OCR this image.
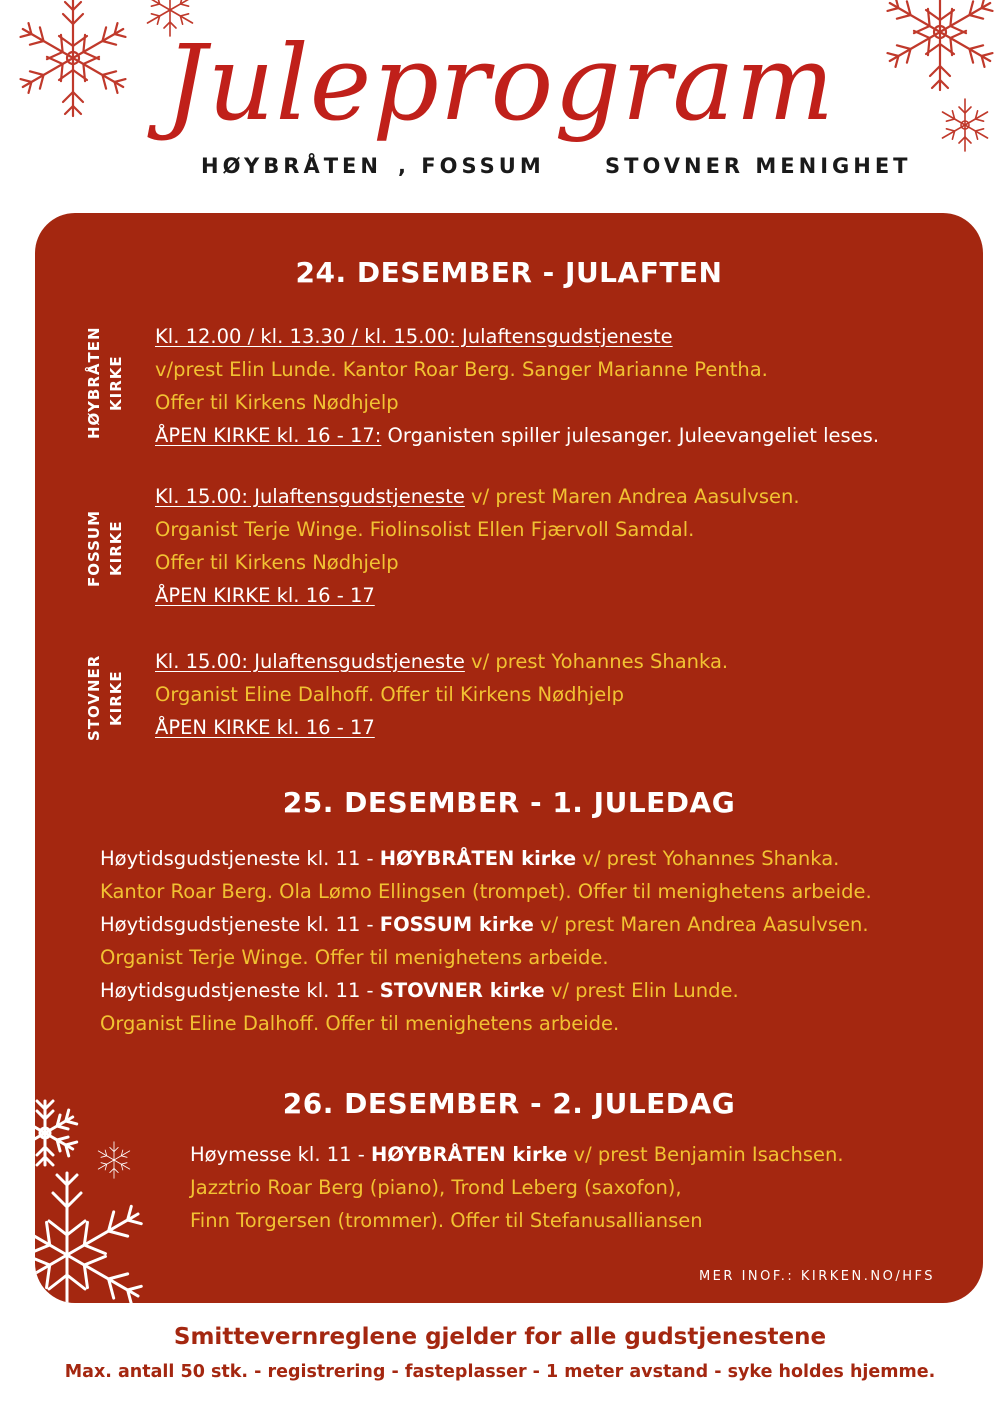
Juleprogram
HØYBRÅTEN , FOSSUM	STOVNER MENIGHET
24. DESEMBER - JULAFTEN
HØYBRÅTEN KIRKE
Kl. 12.00 / kl. 13.30 / kl. 15.00: Julaftensgudstjeneste
v/prest Elin Lunde. Kantor Roar Berg. Sanger Marianne Pentha.
Offer til Kirkens Nødhjelp
ÅPEN KIRKE kl. 16 - 17: Organisten spiller julesanger. Juleevangeliet leses.
FOSSUM KIRKE
Kl. 15.00: Julaftensgudstjeneste v/ prest Maren Andrea Aasulvsen.
Organist Terje Winge. Fiolinsolist Ellen Fjærvoll Samdal.
Offer til Kirkens Nødhjelp
ÅPEN KIRKE kl. 16 - 17
STOVNER KIRKE
Kl. 15.00: Julaftensgudstjeneste v/ prest Yohannes Shanka.
Organist Eline Dalhoff. Offer til Kirkens Nødhjelp
ÅPEN KIRKE kl. 16 - 17
25. DESEMBER - 1. JULEDAG
Høytidsgudstjeneste kl. 11 - HØYBRÅTEN kirke v/ prest Yohannes Shanka.
Kantor Roar Berg. Ola Lømo Ellingsen (trompet). Offer til menighetens arbeide.
Høytidsgudstjeneste kl. 11 - FOSSUM kirke v/ prest Maren Andrea Aasulvsen.
Organist Terje Winge. Offer til menighetens arbeide.
Høytidsgudstjeneste kl. 11 - STOVNER kirke v/ prest Elin Lunde.
Organist Eline Dalhoff. Offer til menighetens arbeide.
26. DESEMBER - 2. JULEDAG
Høymesse kl. 11 - HØYBRÅTEN kirke v/ prest Benjamin Isachsen.
Jazztrio Roar Berg (piano), Trond Leberg (saxofon),
Finn Torgersen (trommer). Offer til Stefanusalliansen
MER INOF.: KIRKEN.NO/HFS
Smittevernreglene gjelder for alle gudstjenestene
Max. antall 50 stk. - registrering - fasteplasser - 1 meter avstand - syke holdes hjemme.
